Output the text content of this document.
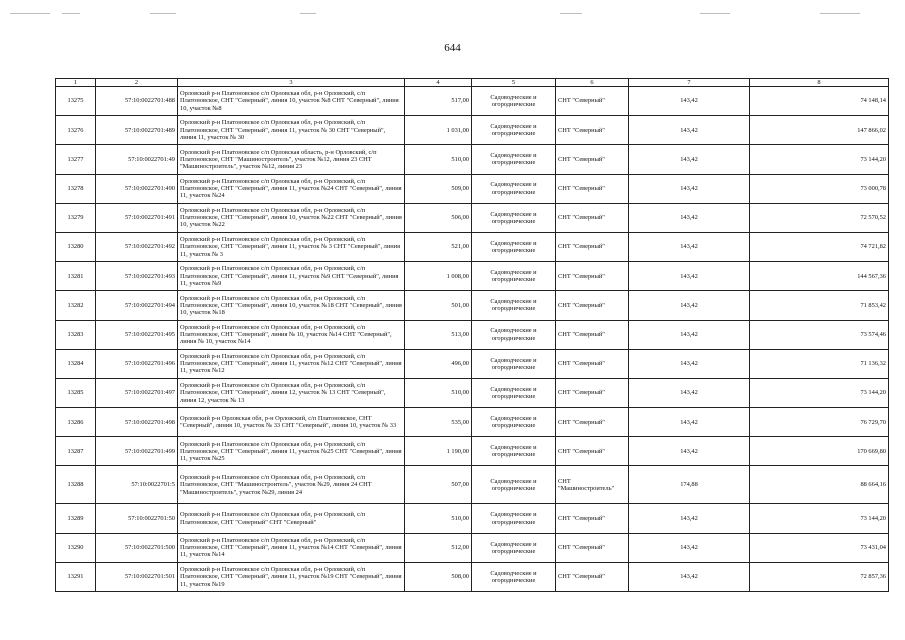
644
1	2	3	4	5	6	7	8
13275	57:10:0022701:488	Орловский р-н Платоновское с/п Орловская обл, р-н Орловский, с/п Платоновское, СНТ "Северный", линия 10, участок №8 СНТ "Северный", линия 10, участок №8	517,00	Садоводческие и огороднические	СНТ "Северный"	143,42	74 148,14
13276	57:10:0022701:489	Орловский р-н Платоновское с/п Орловская обл, р-н Орловский, с/п Платоновское, СНТ "Северный", линия 11, участок № 30 СНТ "Северный", линия 11, участок № 30	1 031,00	Садоводческие и огороднические	СНТ "Северный"	143,42	147 866,02
13277	57:10:0022701:49	Орловский р-н Платоновское с/п Орловская область, р-н Орловский, с/п Платоновское, СНТ "Машиностроитель", участок №12, линия 23 СНТ "Машиностроитель", участок №12, линия 23	510,00	Садоводческие и огороднические	СНТ "Северный"	143,42	73 144,20
13278	57:10:0022701:490	Орловский р-н Платоновское с/п Орловская обл, р-н Орловский, с/п Платоновское, СНТ "Северный", линия 11, участок №24 СНТ "Северный", линия 11, участок №24	509,00	Садоводческие и огороднические	СНТ "Северный"	143,42	73 000,78
13279	57:10:0022701:491	Орловский р-н Платоновское с/п Орловская обл, р-н Орловский, с/п Платоновское, СНТ "Северный", линия 10, участок №22 СНТ "Северный", линия 10, участок №22	506,00	Садоводческие и огороднические	СНТ "Северный"	143,42	72 570,52
13280	57:10:0022701:492	Орловский р-н Платоновское с/п Орловская обл, р-н Орловский, с/п Платоновское, СНТ "Северный", линия 11, участок № 3 СНТ "Северный", линия 11, участок № 3	521,00	Садоводческие и огороднические	СНТ "Северный"	143,42	74 721,82
13281	57:10:0022701:493	Орловский р-н Платоновское с/п Орловская обл, р-н Орловский, с/п Платоновское, СНТ "Северный", линия 11, участок №9 СНТ "Северный", линия 11, участок №9	1 008,00	Садоводческие и огороднические	СНТ "Северный"	143,42	144 567,36
13282	57:10:0022701:494	Орловский р-н Платоновское с/п Орловская обл, р-н Орловский, с/п Платоновское, СНТ "Северный", линия 10, участок №18 СНТ "Северный", линия 10, участок №18	501,00	Садоводческие и огороднические	СНТ "Северный"	143,42	71 853,42
13283	57:10:0022701:495	Орловский р-н Платоновское с/п Орловская обл, р-н Орловский, с/п Платоновское, СНТ "Северный", линия № 10, участок №14 СНТ "Северный", линия № 10, участок №14	513,00	Садоводческие и огороднические	СНТ "Северный"	143,42	73 574,46
13284	57:10:0022701:496	Орловский р-н Платоновское с/п Орловская обл, р-н Орловский, с/п Платоновское, СНТ "Северный", линия 11, участок №12 СНТ "Северный", линия 11, участок №12	496,00	Садоводческие и огороднические	СНТ "Северный"	143,42	71 136,32
13285	57:10:0022701:497	Орловский р-н Платоновское с/п Орловская обл, р-н Орловский, с/п Платоновское, СНТ "Северный", линия 12, участок № 13 СНТ "Северный", линия 12, участок № 13	510,00	Садоводческие и огороднические	СНТ "Северный"	143,42	73 144,20
13286	57:10:0022701:498	Орловский р-н Орловская обл, р-н Орловский, с/п Платоновское, СНТ "Северный", линия 10, участок № 33 СНТ "Северный", линия 10, участок № 33	535,00	Садоводческие и огороднические	СНТ "Северный"	143,42	76 729,70
13287	57:10:0022701:499	Орловский р-н Платоновское с/п Орловская обл, р-н Орловский, с/п Платоновское, СНТ "Северный", линия 11, участок №25 СНТ "Северный", линия 11, участок №25	1 190,00	Садоводческие и огороднические	СНТ "Северный"	143,42	170 669,80
13288	57:10:0022701:5	Орловский р-н Платоновское с/п Орловская обл, р-н Орловский, с/п Платоновское, СНТ "Машиностроитель", участок №29, линия 24 СНТ "Машиностроитель", участок №29, линия 24	507,00	Садоводческие и огороднические	СНТ "Машиностроитель"	174,88	88 664,16
13289	57:10:0022701:50	Орловский р-н Платоновское с/п Орловская обл, р-н Орловский, с/п Платоновское, СНТ "Северный" СНТ "Северный"	510,00	Садоводческие и огороднические	СНТ "Северный"	143,42	73 144,20
13290	57:10:0022701:500	Орловский р-н Платоновское с/п Орловская обл, р-н Орловский, с/п Платоновское, СНТ "Северный", линия 11, участок №14 СНТ "Северный", линия 11, участок №14	512,00	Садоводческие и огороднические	СНТ "Северный"	143,42	73 431,04
13291	57:10:0022701:501	Орловский р-н Платоновское с/п Орловская обл, р-н Орловский, с/п Платоновское, СНТ "Северный", линия 11, участок №19 СНТ "Северный", линия 11, участок №19	508,00	Садоводческие и огороднические	СНТ "Северный"	143,42	72 857,36
